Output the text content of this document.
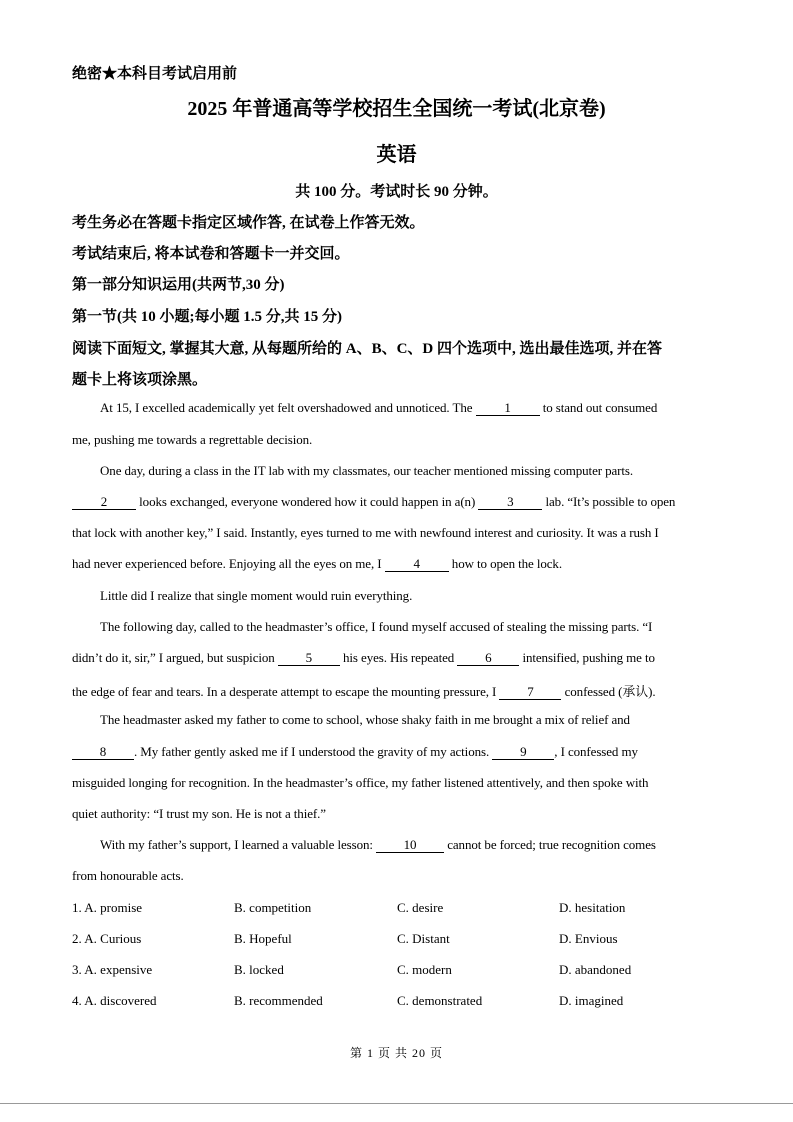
绝密★本科目考试启用前
2025 年普通高等学校招生全国统一考试(北京卷)
英语
共 100 分。考试时长 90 分钟。
考生务必在答题卡指定区域作答, 在试卷上作答无效。
考试结束后, 将本试卷和答题卡一并交回。
第一部分知识运用(共两节,30 分)
第一节(共 10 小题;每小题 1.5 分,共 15 分)
阅读下面短文, 掌握其大意, 从每题所给的 A、B、C、D 四个选项中, 选出最佳选项, 并在答
题卡上将该项涂黑。
At 15, I excelled academically yet felt overshadowed and unnoticed. The 1 to stand out consumed
me, pushing me towards a regrettable decision.
One day, during a class in the IT lab with my classmates, our teacher mentioned missing computer parts.
2 looks exchanged, everyone wondered how it could happen in a(n) 3 lab. “It’s possible to open
that lock with another key,” I said. Instantly, eyes turned to me with newfound interest and curiosity. It was a rush I
had never experienced before. Enjoying all the eyes on me, I 4 how to open the lock.
Little did I realize that single moment would ruin everything.
The following day, called to the headmaster’s office, I found myself accused of stealing the missing parts. “I
didn’t do it, sir,” I argued, but suspicion 5 his eyes. His repeated 6 intensified, pushing me to
the edge of fear and tears. In a desperate attempt to escape the mounting pressure, I 7 confessed (承认).
The headmaster asked my father to come to school, whose shaky faith in me brought a mix of relief and
8 . My father gently asked me if I understood the gravity of my actions. 9 , I confessed my
misguided longing for recognition. In the headmaster’s office, my father listened attentively, and then spoke with
quiet authority: “I trust my son. He is not a thief.”
With my father’s support, I learned a valuable lesson: 10 cannot be forced; true recognition comes
from honourable acts.
1. A. promise	B. competition	C. desire	D. hesitation
2. A. Curious	B. Hopeful	C. Distant	D. Envious
3. A. expensive	B. locked	C. modern	D. abandoned
4. A. discovered	B. recommended	C. demonstrated	D. imagined
第 1 页 共 20 页
